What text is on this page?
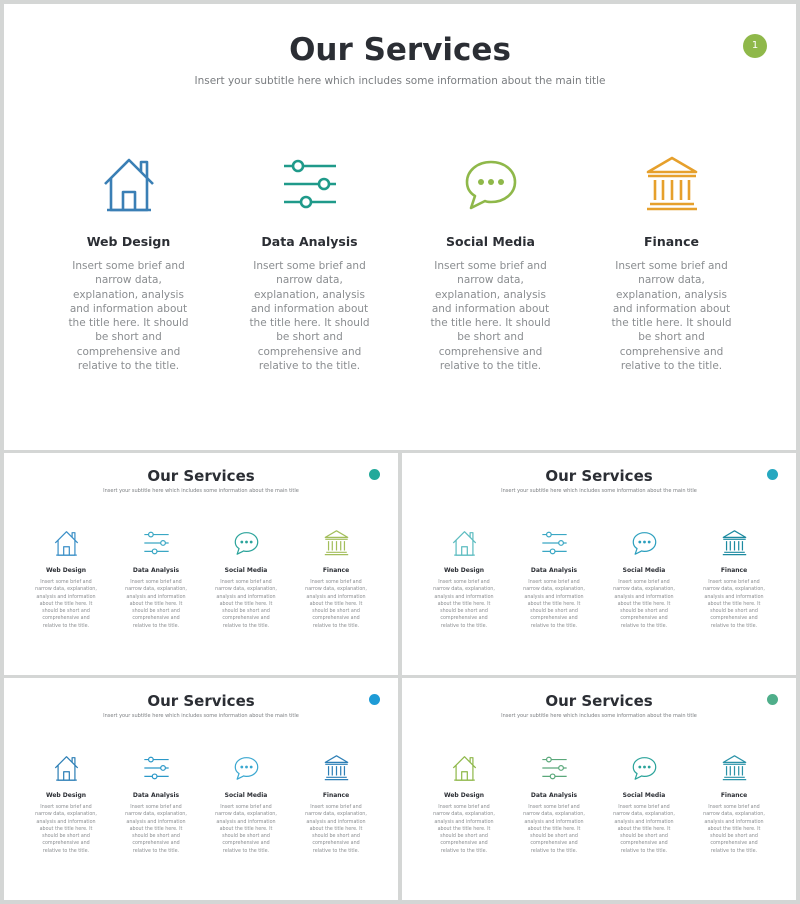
Our Services
Insert your subtitle here which includes some information about the main title
1
Web Design
Insert some brief and narrow data, explanation, analysis and information about the title here. It should be short and comprehensive and relative to the title.
Data Analysis
Insert some brief and narrow data, explanation, analysis and information about the title here. It should be short and comprehensive and relative to the title.
Social Media
Insert some brief and narrow data, explanation, analysis and information about the title here. It should be short and comprehensive and relative to the title.
Finance
Insert some brief and narrow data, explanation, analysis and information about the title here. It should be short and comprehensive and relative to the title.
Our Services
Insert your subtitle here which includes some information about the main title
Web Design
Insert some brief and narrow data, explanation, analysis and information about the title here. It should be short and comprehensive and relative to the title.
Data Analysis
Insert some brief and narrow data, explanation, analysis and information about the title here. It should be short and comprehensive and relative to the title.
Social Media
Insert some brief and narrow data, explanation, analysis and information about the title here. It should be short and comprehensive and relative to the title.
Finance
Insert some brief and narrow data, explanation, analysis and information about the title here. It should be short and comprehensive and relative to the title.
Our Services
Insert your subtitle here which includes some information about the main title
Web Design
Insert some brief and narrow data, explanation, analysis and information about the title here. It should be short and comprehensive and relative to the title.
Data Analysis
Insert some brief and narrow data, explanation, analysis and information about the title here. It should be short and comprehensive and relative to the title.
Social Media
Insert some brief and narrow data, explanation, analysis and information about the title here. It should be short and comprehensive and relative to the title.
Finance
Insert some brief and narrow data, explanation, analysis and information about the title here. It should be short and comprehensive and relative to the title.
Our Services
Insert your subtitle here which includes some information about the main title
Web Design
Insert some brief and narrow data, explanation, analysis and information about the title here. It should be short and comprehensive and relative to the title.
Data Analysis
Insert some brief and narrow data, explanation, analysis and information about the title here. It should be short and comprehensive and relative to the title.
Social Media
Insert some brief and narrow data, explanation, analysis and information about the title here. It should be short and comprehensive and relative to the title.
Finance
Insert some brief and narrow data, explanation, analysis and information about the title here. It should be short and comprehensive and relative to the title.
Our Services
Insert your subtitle here which includes some information about the main title
Web Design
Insert some brief and narrow data, explanation, analysis and information about the title here. It should be short and comprehensive and relative to the title.
Data Analysis
Insert some brief and narrow data, explanation, analysis and information about the title here. It should be short and comprehensive and relative to the title.
Social Media
Insert some brief and narrow data, explanation, analysis and information about the title here. It should be short and comprehensive and relative to the title.
Finance
Insert some brief and narrow data, explanation, analysis and information about the title here. It should be short and comprehensive and relative to the title.
